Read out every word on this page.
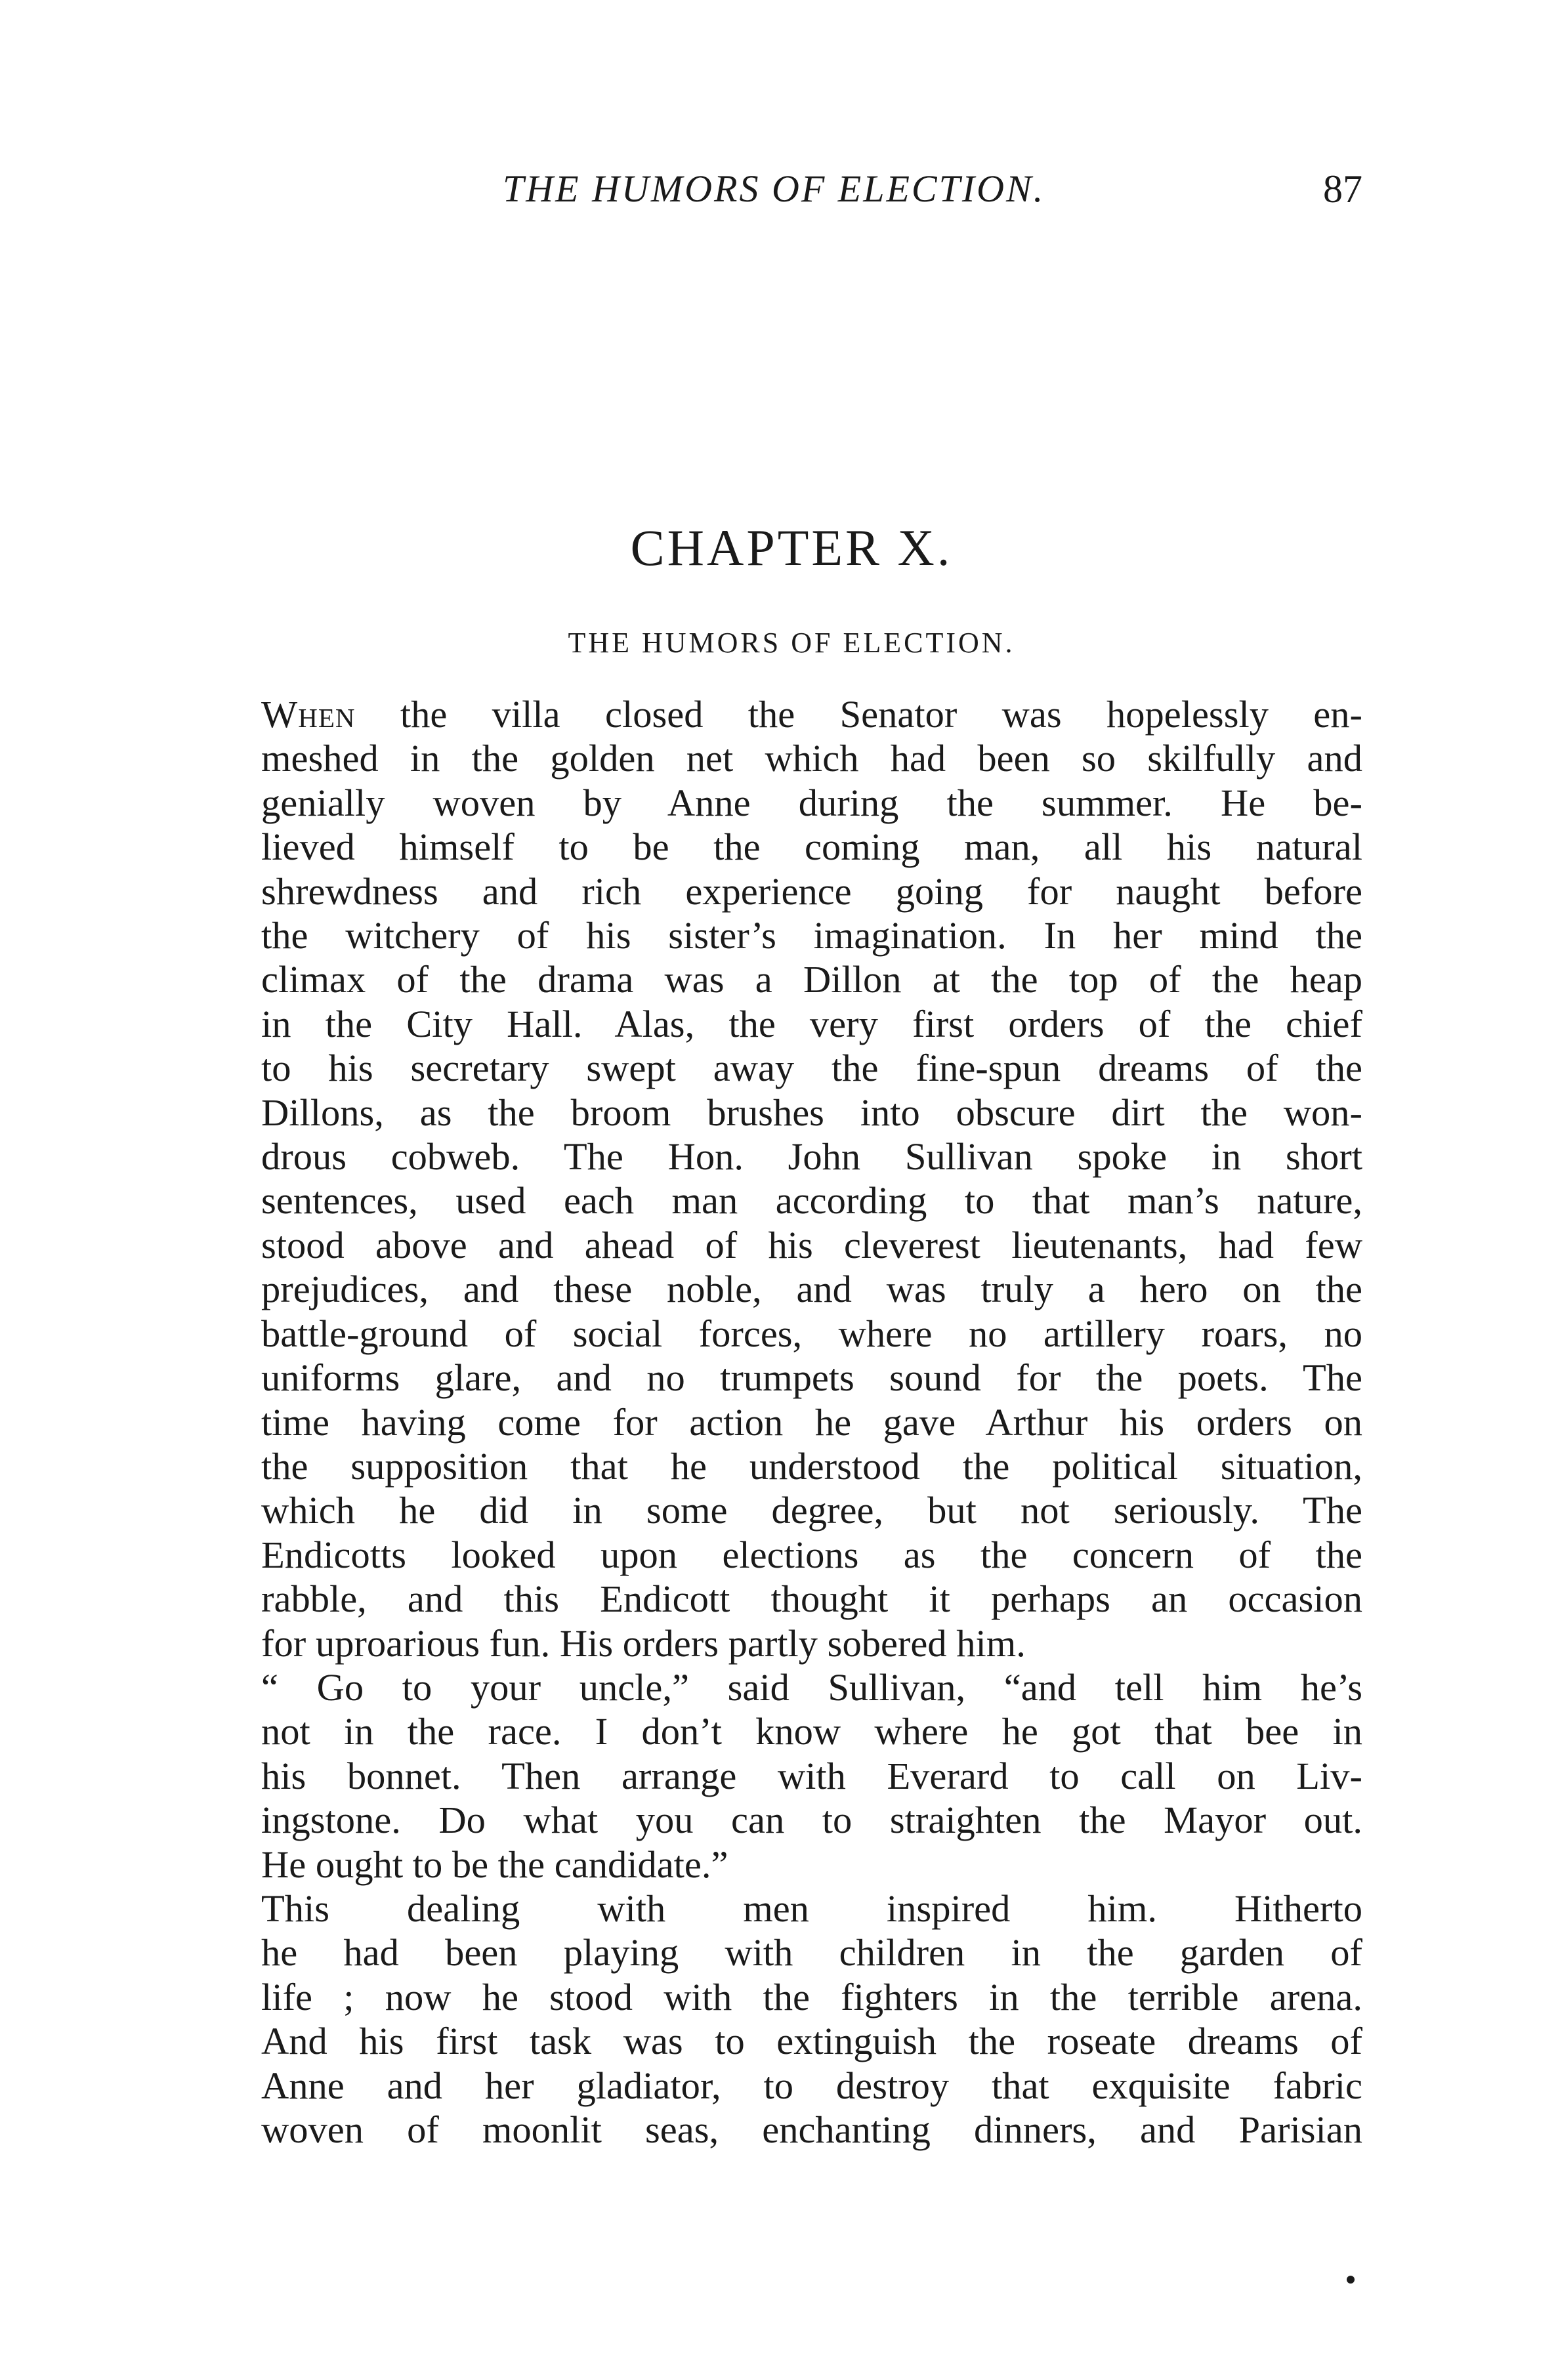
THE HUMORS OF ELECTION.	87
CHAPTER X.
THE HUMORS OF ELECTION.

When the villa closed the Senator was hopelessly en-
meshed in the golden net which had been so skilfully and
genially woven by Anne during the summer. He be-
lieved himself to be the coming man, all his natural
shrewdness and rich experience going for naught before
the witchery of his sister’s imagination. In her mind the
climax of the drama was a Dillon at the top of the heap
in the City Hall. Alas, the very first orders of the chief
to his secretary swept away the fine-spun dreams of the
Dillons, as the broom brushes into obscure dirt the won-
drous cobweb. The Hon. John Sullivan spoke in short
sentences, used each man according to that man’s nature,
stood above and ahead of his cleverest lieutenants, had few
prejudices, and these noble, and was truly a hero on the
battle-ground of social forces, where no artillery roars, no
uniforms glare, and no trumpets sound for the poets. The
time having come for action he gave Arthur his orders on
the supposition that he understood the political situation,
which he did in some degree, but not seriously. The
Endicotts looked upon elections as the concern of the
rabble, and this Endicott thought it perhaps an occasion
for uproarious fun. His orders partly sobered him.

“ Go to your uncle,” said Sullivan, “and tell him he’s
not in the race. I don’t know where he got that bee in
his bonnet. Then arrange with Everard to call on Liv-
ingstone. Do what you can to straighten the Mayor out.
He ought to be the candidate.”

This dealing with men inspired him. Hitherto
he had been playing with children in the garden of
life ; now he stood with the fighters in the terrible arena.
And his first task was to extinguish the roseate dreams of
Anne and her gladiator, to destroy that exquisite fabric
woven of moonlit seas, enchanting dinners, and Parisian
